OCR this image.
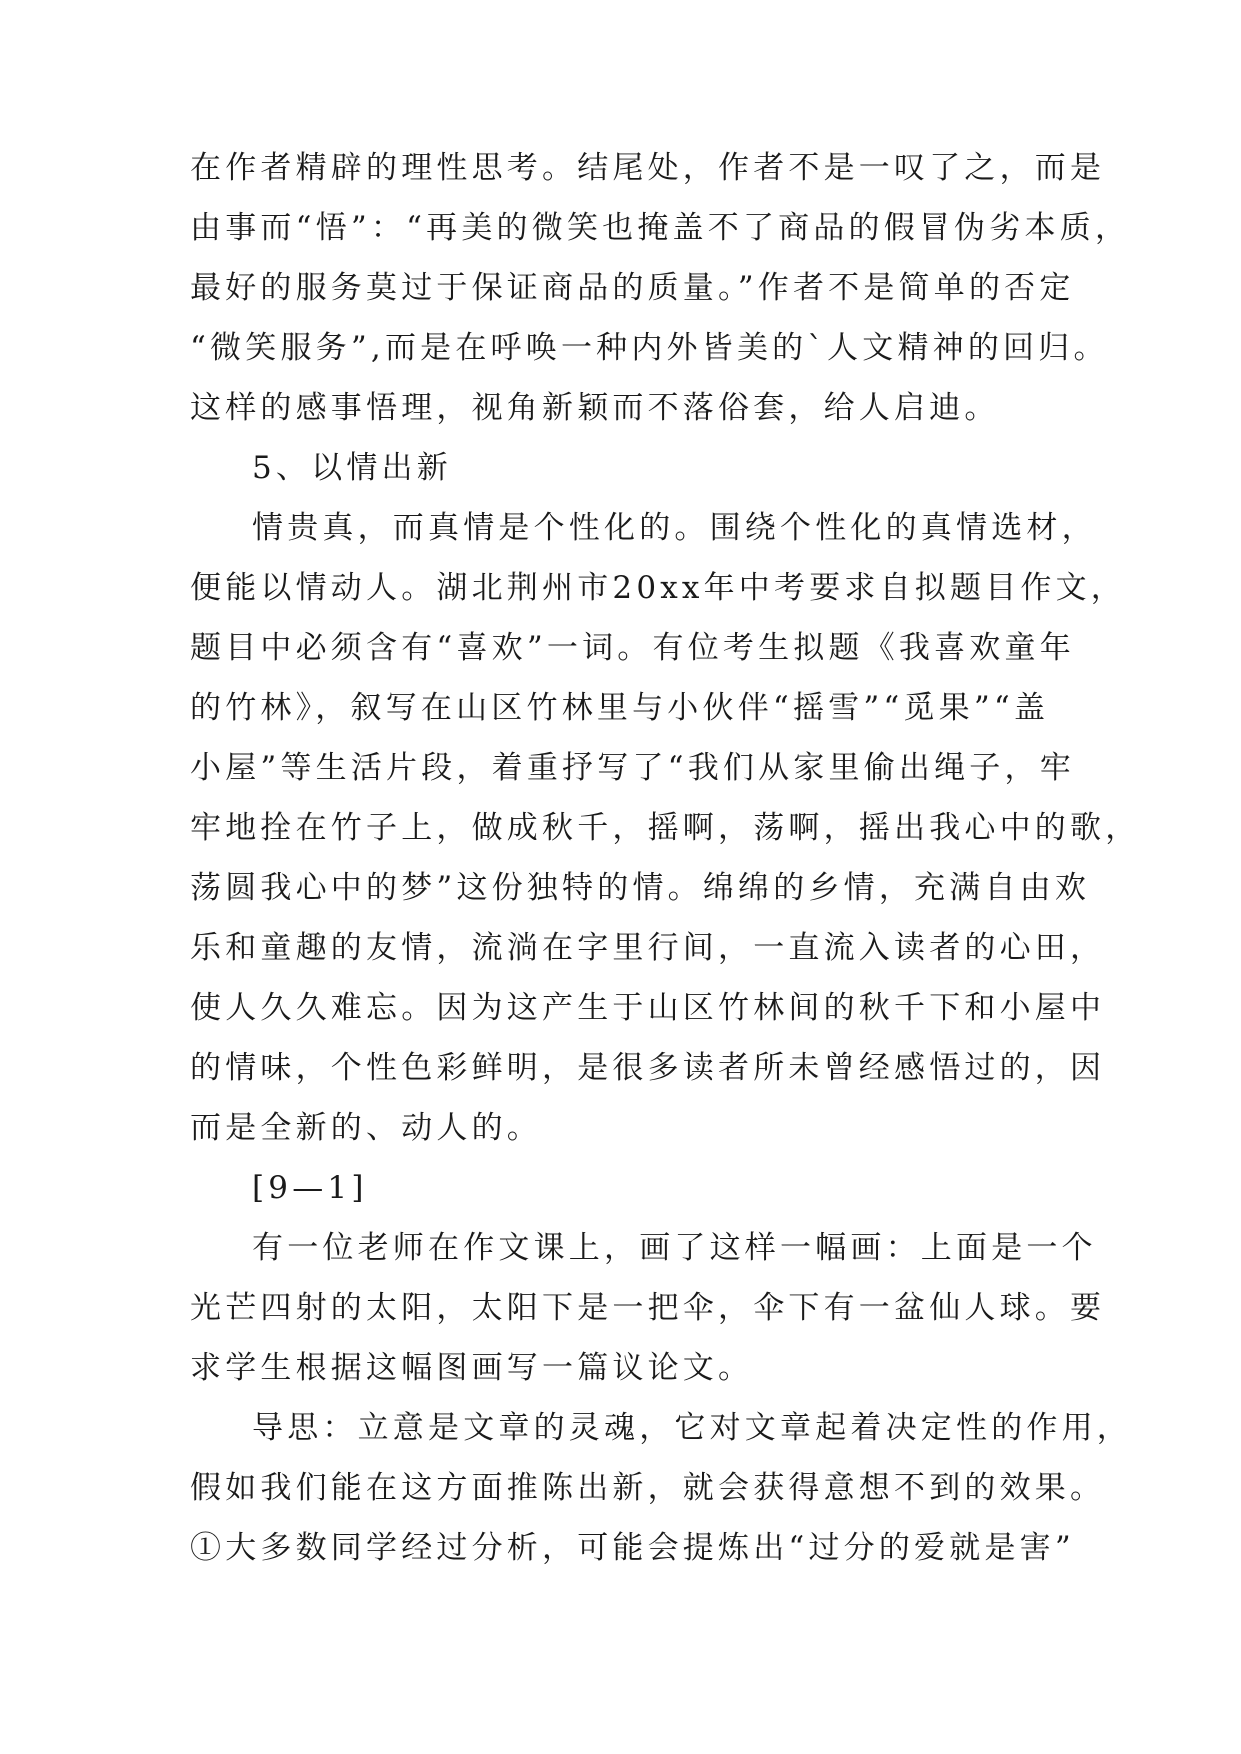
在作者精辟的理性思考。结尾处，作者不是一叹了之，而是
由事而“悟”：“再美的微笑也掩盖不了商品的假冒伪劣本质，
最好的服务莫过于保证商品的质量。”作者不是简单的否定
“微笑服务”,而是在呼唤一种内外皆美的`人文精神的回归。
这样的感事悟理，视角新颖而不落俗套，给人启迪。
5、以情出新
情贵真，而真情是个性化的。围绕个性化的真情选材，
便能以情动人。湖北荆州市20xx年中考要求自拟题目作文，
题目中必须含有“喜欢”一词。有位考生拟题《我喜欢童年
的竹林》，叙写在山区竹林里与小伙伴“摇雪”“觅果”“盖
小屋”等生活片段，着重抒写了“我们从家里偷出绳子，牢
牢地拴在竹子上，做成秋千，摇啊，荡啊，摇出我心中的歌，
荡圆我心中的梦”这份独特的情。绵绵的乡情，充满自由欢
乐和童趣的友情，流淌在字里行间，一直流入读者的心田，
使人久久难忘。因为这产生于山区竹林间的秋千下和小屋中
的情味，个性色彩鲜明，是很多读者所未曾经感悟过的，因
而是全新的、动人的。
[9—1]
有一位老师在作文课上，画了这样一幅画：上面是一个
光芒四射的太阳，太阳下是一把伞，伞下有一盆仙人球。要
求学生根据这幅图画写一篇议论文。
导思：立意是文章的灵魂，它对文章起着决定性的作用，
假如我们能在这方面推陈出新，就会获得意想不到的效果。
①大多数同学经过分析，可能会提炼出“过分的爱就是害”
